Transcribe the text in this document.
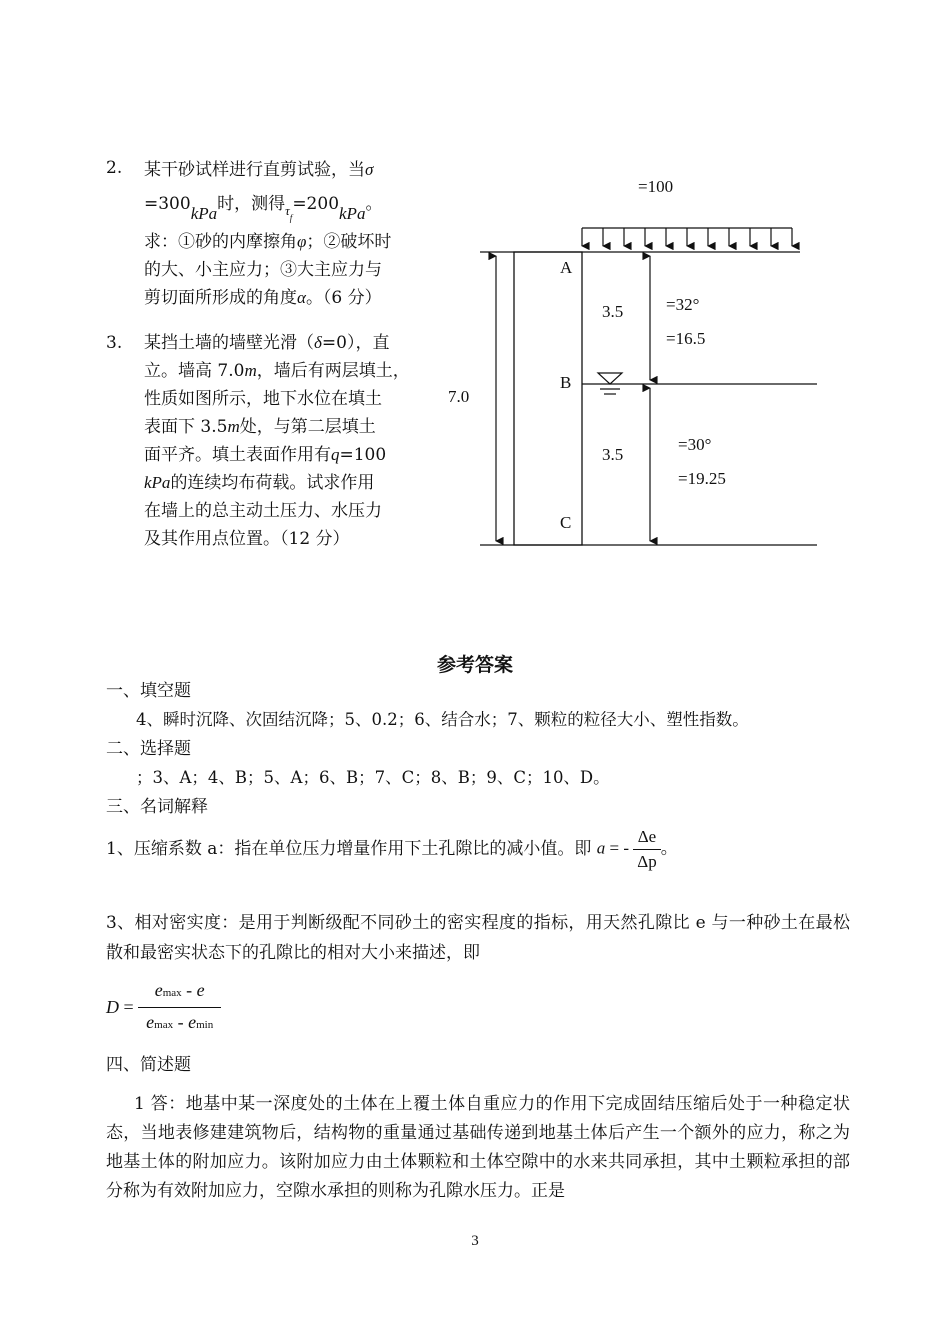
2. 某干砂试样进行直剪试验，当σ
=300kPa时，测得$_{\tau f}$=200kPa。
求：①砂的内摩擦角φ；②破坏时
的大、小主应力；③大主应力与
剪切面所形成的角度α。（6 分）
3. 某挡土墙的墙壁光滑（δ=0），直
立。墙高 7.0m，墙后有两层填土，
性质如图所示，地下水位在填土
表面下 3.5m处，与第二层填土
面平齐。填土表面作用有q=100
kPa的连续均布荷载。试求作用
在墙上的总主动土压力、水压力
及其作用点位置。（12 分）
=100
A
B
C
7.0
3.5	=32°
=16.5
3.5
=30°
=19.25
参考答案
一、填空题
4、瞬时沉降、次固结沉降；5、0.2；6、结合水；7、颗粒的粒径大小、塑性指数。
二、选择题
；3、A；4、B；5、A；6、B；7、C；8、B；9、C；10、D。
三、名词解释
1、压缩系数 a：指在单位压力增量作用下土孔隙比的减小值。即 a = - $\frac{\Delta e}{\Delta p}$ 。
3、相对密实度：是用于判断级配不同砂土的密实程度的指标，用天然孔隙比 e 与一种砂土在最松散和最密实状态下的孔隙比的相对大小来描述，即
$D = \frac{emax - e}{emax - emin}$
四、简述题
1 答：地基中某一深度处的土体在上覆土体自重应力的作用下完成固结压缩后处于一种稳定状态，当地表修建建筑物后，结构物的重量通过基础传递到地基土体后产生一个额外的应力，称之为地基土体的附加应力。该附加应力由土体颗粒和土体空隙中的水来共同承担，其中土颗粒承担的部分称为有效附加应力，空隙水承担的则称为孔隙水压力。正是
3
